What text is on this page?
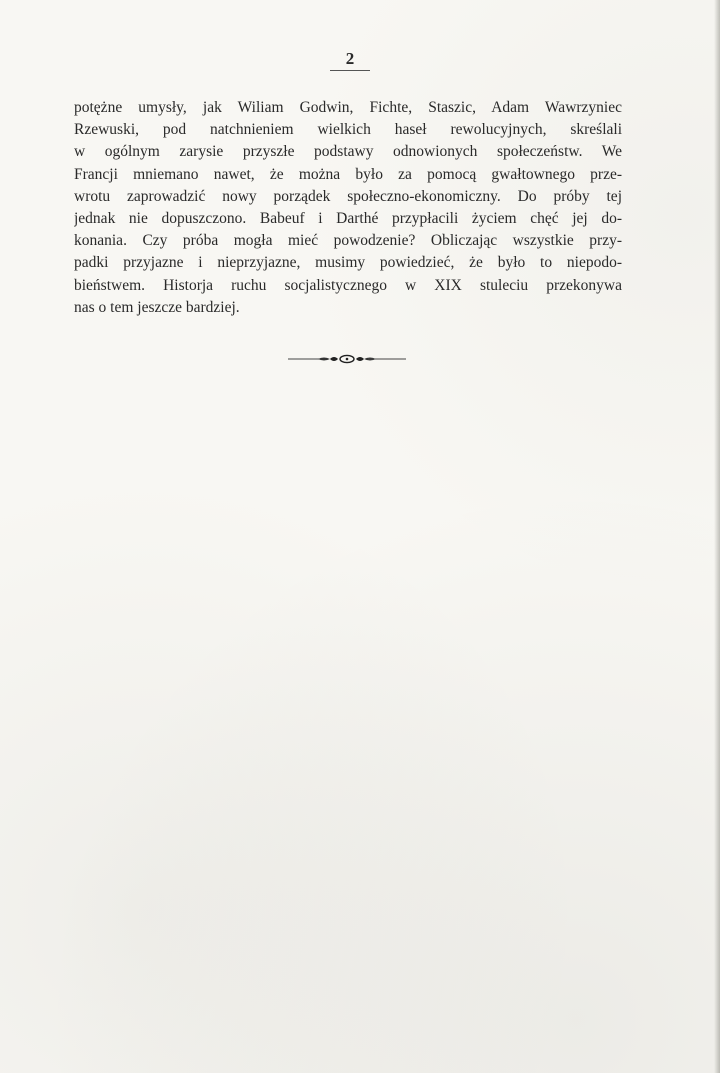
2
potężne umysły, jak Wiliam Godwin, Fichte, Staszic, Adam Wawrzyniec
Rzewuski, pod natchnieniem wielkich haseł rewolucyjnych, skreślali
w ogólnym zarysie przyszłe podstawy odnowionych społeczeństw. We
Francji mniemano nawet, że można było za pomocą gwałtownego prze-
wrotu zaprowadzić nowy porządek społeczno-ekonomiczny. Do próby tej
jednak nie dopuszczono. Babeuf i Darthé przypłacili życiem chęć jej do-
konania. Czy próba mogła mieć powodzenie? Obliczając wszystkie przy-
padki przyjazne i nieprzyjazne, musimy powiedzieć, że było to niepodo-
bieństwem. Historja ruchu socjalistycznego w XIX stuleciu przekonywa
nas o tem jeszcze bardziej.
